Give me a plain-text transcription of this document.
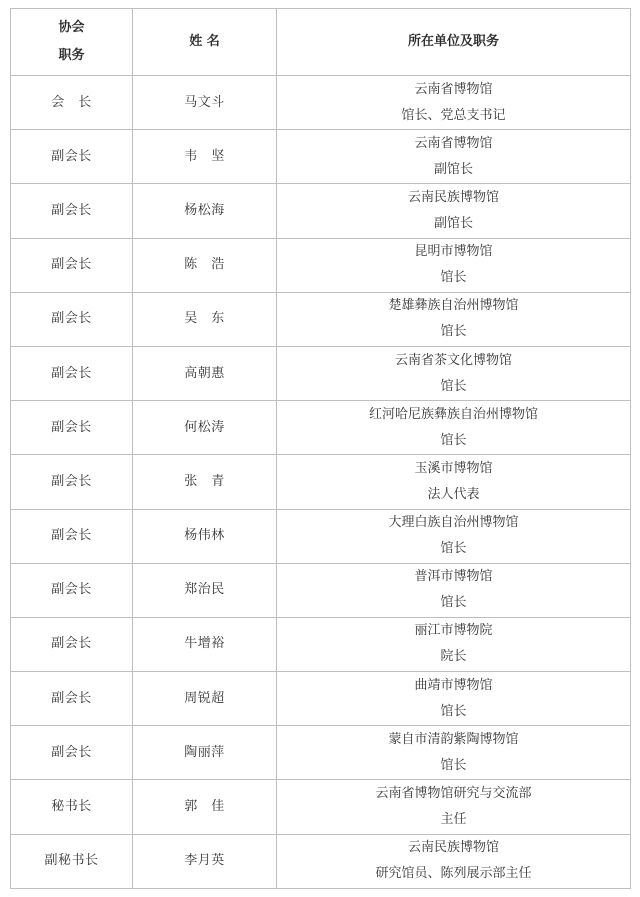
协会
职务	姓 名	所在单位及职务
会　长	马文斗	云南省博物馆
馆长、党总支书记

副会长	韦　坚	云南省博物馆
副馆长

副会长	杨松海	云南民族博物馆
副馆长

副会长	陈　浩	昆明市博物馆
馆长

副会长	吴　东	楚雄彝族自治州博物馆
馆长

副会长	高朝惠	云南省茶文化博物馆
馆长

副会长	何松涛	红河哈尼族彝族自治州博物馆
馆长

副会长	张　青	玉溪市博物馆
法人代表

副会长	杨伟林	大理白族自治州博物馆
馆长

副会长	郑治民	普洱市博物馆
馆长

副会长	牛增裕	丽江市博物院
院长

副会长	周锐超	曲靖市博物馆
馆长

副会长	陶丽萍	蒙自市清韵紫陶博物馆
馆长

秘书长	郭　佳	云南省博物馆研究与交流部
主任

副秘书长	李月英	云南民族博物馆
研究馆员、陈列展示部主任
